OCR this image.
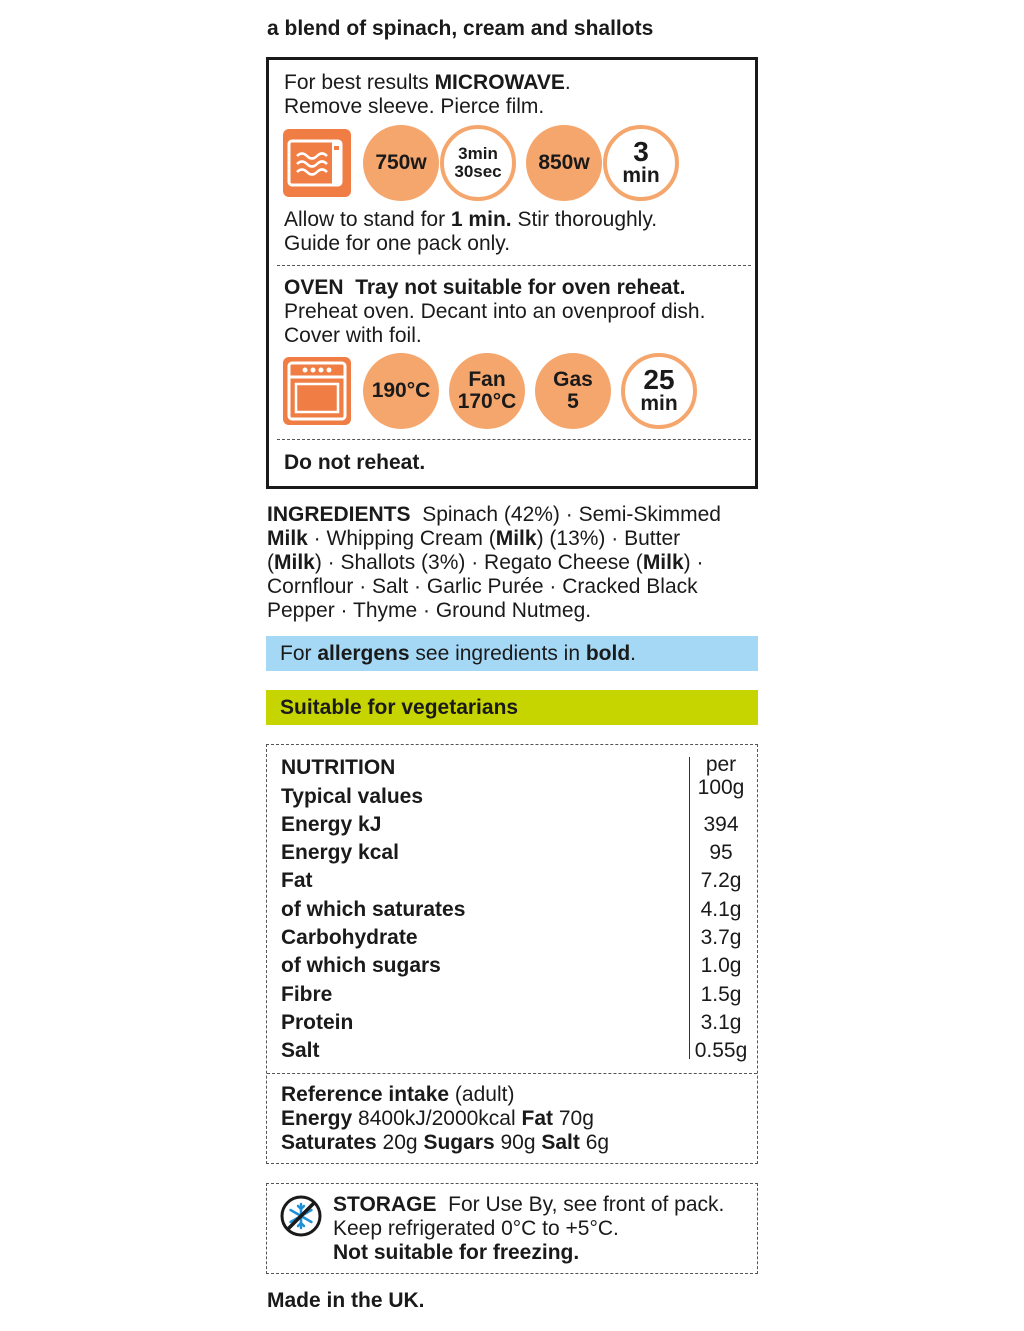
a blend of spinach, cream and shallots
For best results MICROWAVE.
Remove sleeve. Pierce film.
750w 3min
30sec 850w 3
min
Allow to stand for 1 min. Stir thoroughly.
Guide for one pack only.
OVEN Tray not suitable for oven reheat.
Preheat oven. Decant into an ovenproof dish.
Cover with foil.
190°C Fan
170°C
Gas
5
25
min
Do not reheat.
INGREDIENTS Spinach (42%) · Semi-Skimmed
Milk · Whipping Cream (Milk) (13%) · Butter
(Milk) · Shallots (3%) · Regato Cheese (Milk) ·
Cornflour · Salt · Garlic Purée · Cracked Black
Pepper · Thyme · Ground Nutmeg.
For allergens see ingredients in bold.
Suitable for vegetarians
NUTRITION
Typical values
per
100g
Energy kJ	394
Energy kcal	95
Fat	7.2g
of which saturates	4.1g
Carbohydrate	3.7g
of which sugars	1.0g
Fibre	1.5g
Protein	3.1g
Salt	0.55g
Reference intake (adult)
Energy 8400kJ/2000kcal Fat 70g
Saturates 20g Sugars 90g Salt 6g
STORAGE For Use By, see front of pack.
Keep refrigerated 0°C to +5°C.
Not suitable for freezing.
Made in the UK.
